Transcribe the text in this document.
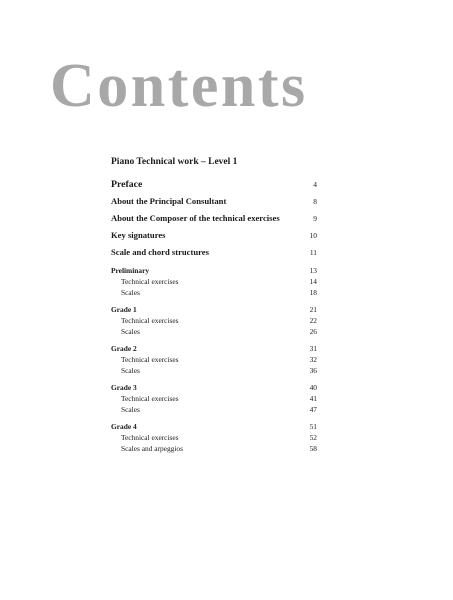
Contents
Piano Technical work – Level 1
Preface	4
About the Principal Consultant	8
About the Composer of the technical exercises	9
Key signatures	10
Scale and chord structures	11
Preliminary	13
Technical exercises	14
Scales	18
Grade 1	21
Technical exercises	22
Scales	26
Grade 2	31
Technical exercises	32
Scales	36
Grade 3	40
Technical exercises	41
Scales	47
Grade 4	51
Technical exercises	52
Scales and arpeggios	58
